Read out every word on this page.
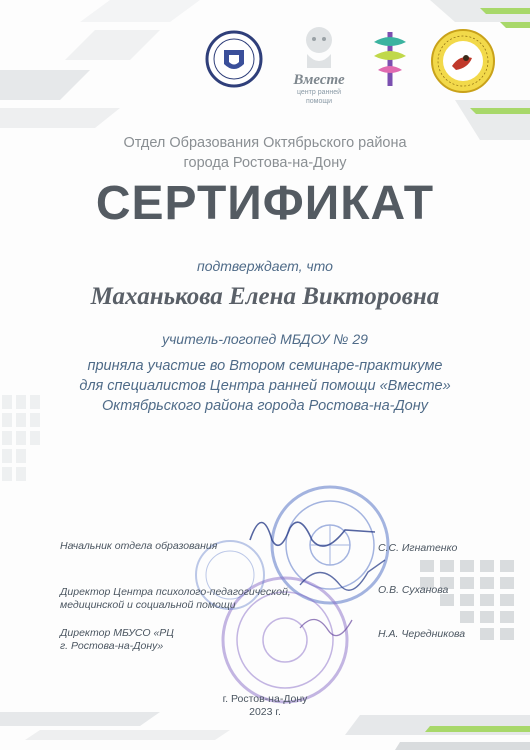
Вместе
центр ранней помощи
Отдел Образования Октябрьского района
города Ростова-на-Дону
СЕРТИФИКАТ
подтверждает, что
Маханькова Елена Викторовна
учитель-логопед МБДОУ № 29
приняла участие во Втором семинаре-практикуме
для специалистов Центра ранней помощи «Вместе»
Октябрьского района города Ростова-на-Дону
Начальник отдела образования	С.С. Игнатенко
Директор Центра психолого-педагогической,
медицинской и социальной помощи
О.В. Суханова
Директор МБУСО «РЦ
г. Ростова-на-Дону»
Н.А. Чередникова
г. Ростов-на-Дону
2023 г.
